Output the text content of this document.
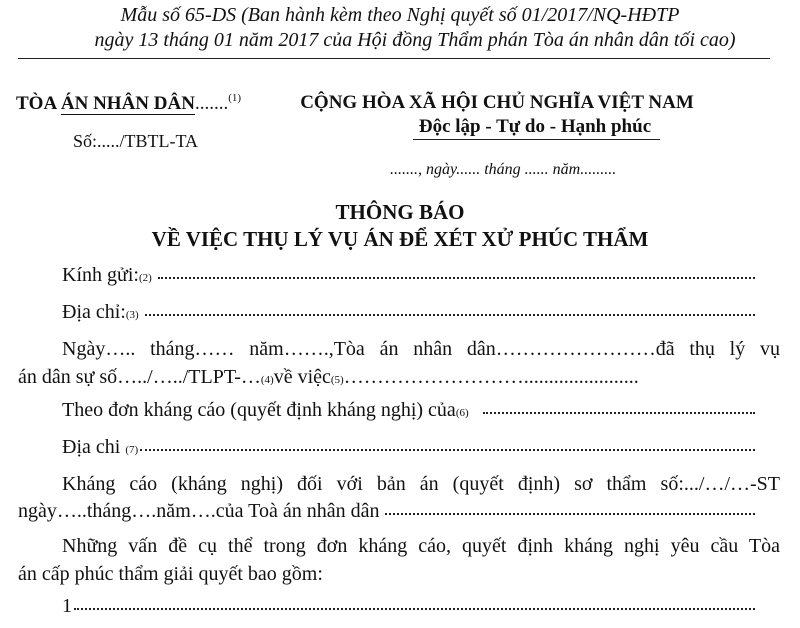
Mẫu số 65-DS (Ban hành kèm theo Nghị quyết số 01/2017/NQ-HĐTP
ngày 13 tháng 01 năm 2017 của Hội đồng Thẩm phán Tòa án nhân dân tối cao)
TÒA ÁN NHÂN DÂN.......$^{(1)}$
Số:...../TBTL-TA
CỘNG HÒA XÃ HỘI CHỦ NGHĨA VIỆT NAM
Độc lập - Tự do - Hạnh phúc
......., ngày...... tháng ...... năm.........
THÔNG BÁO
VỀ VIỆC THỤ LÝ VỤ ÁN ĐỂ XÉT XỬ PHÚC THẨM
Kính gửi: (2)
Địa chỉ: (3)
Ngày….. tháng…… năm…….,Tòa án nhân dân……………………đã thụ lý vụ
án dân sự số…../…../TLPT-… (4) về việc (5) ……………………….......................
Theo đơn kháng cáo (quyết định kháng nghị) của (6)
Địa chi
(7)
Kháng cáo (kháng nghị) đối với bản án (quyết định) sơ thẩm số:.../…/…-ST
ngày…..tháng….năm….của Toà án nhân dân
Những vấn đề cụ thể trong đơn kháng cáo, quyết định kháng nghị yêu cầu Tòa
án cấp phúc thẩm giải quyết bao gồm:
1
